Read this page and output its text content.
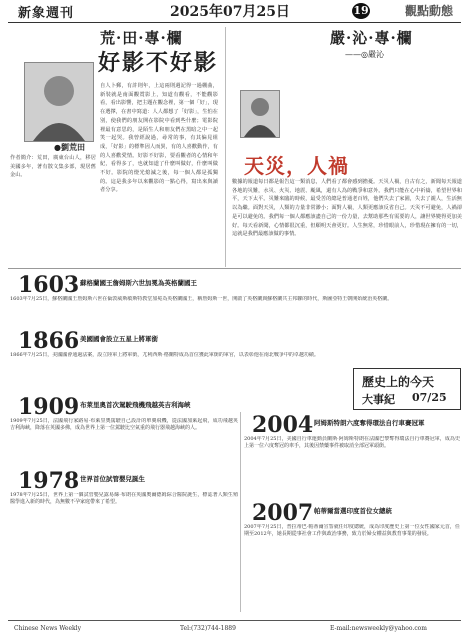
新象週刊	2025年07月25日	19	觀點動態
荒·田·專·欄
好影不好影
●劉荒田
作者簡介：荒田，廣東台山人，移居美國多年，著有散文集多部，現居舊金山。
自人卜郵，有許則年，上這兩則週記得一過棚曲，新裝就是南面觀賞影上，知道有觀看，不能觀影看，看出影響，把主題在觀念裡，第一個「好」，現在選擇，在書中寫道：人人都想了「好影」，生怕在別，使我們的朋友開在影院中看到些什麼；電影院裡最有意思的，是陌生人和朋友們在黑暗之中一起笑一起哭。我曾經說過，尋常的事，有其偏見組成，「好影」的標準因人而異，有的人喜歡動作，有的人喜歡愛情。好影不好影，要看觀者的心情和年紀，看得多了，也就知道了什麼叫做好，什麼叫做不好。影院的燈光熄滅之後，每一個人都是孤獨的。這是我多年以來觀影的一點心得，寫出來與讀者分享。
嚴·沁·專·欄
——◎嚴沁
天災，人禍
數據的報道每日都是報告這一類消息，人們看了都會感到擔憂。天災人禍，自古有之，新聞每天報道各地的災難，水災、火災、地震、颱風，還有人為的戰爭和意外。我們只能在心中祈禱，希望世界和平，天下太平。災難來臨的時候，最受苦的總是普通老百姓，他們失去了家園，失去了親人，生活無以為繼。面對天災，人類的力量非常渺小；面對人禍，人類更應該反省自己。天災不可避免，人禍卻是可以避免的。我們每一個人都應該盡自己的一份力量，去幫助那些有需要的人，讓世界變得更加美好。每天看新聞，心情都很沉重，但願明天會更好。人生無常，珍惜眼前人，珍惜現在擁有的一切，這就是我們最應該做的事情。
歷史上的今天
大事紀 07/25
1603 蘇格蘭國王詹姆斯六世加冕為英格蘭國王
1603年7月25日，蘇格蘭國王詹姆斯六世在倫敦威斯敏斯特教堂加冕為英格蘭國王，稱詹姆斯一世，開啟了英格蘭與蘇格蘭共主邦聯的時代，斯圖亞特王朝開始統治英格蘭。
1866 美國國會設立五星上將軍銜
1866年7月25日，美國國會通過法案，設立陸軍上將軍銜，尤利西斯·格蘭特成為首位獲此軍銜的軍官，以表彰他在南北戰爭中的卓越功績。
1909 布萊里奧首次駕駛飛機飛越英吉利海峽
1909年7月25日，法國飛行家路易·布萊里奧駕駛自己設計的單翼飛機，從法國加萊起飛，成功飛越英吉利海峽，降落在英國多佛，成為世界上第一位駕駛比空氣重的飛行器飛越海峽的人。
1978 世界首位試管嬰兒誕生
1978年7月25日，世界上第一個試管嬰兒露易絲·布朗在英國奧爾德姆綜合醫院誕生，標誌著人類生殖醫學進入新的時代，為無數不孕家庭帶來了希望。
2004 阿姆斯特朗六度奪得環法自行車賽冠軍
2004年7月25日，美國自行車運動員蘭斯·阿姆斯特朗在法國巴黎奪得環法自行車賽冠軍，成為史上第一位六度奪冠的車手，其後因禁藥事件被取消全部冠軍頭銜。
2007 帕蒂爾當選印度首位女總統
2007年7月25日，普拉蒂巴·帕蒂爾宣誓就任印度總統，成為印度歷史上第一位女性國家元首，任期至2012年，她長期從事社會工作與政治事務，致力於婦女權益與教育事業的發展。
Chinese News Weekly	Tel:(732)744-1889	E-mail:newsweekly@yahoo.com
